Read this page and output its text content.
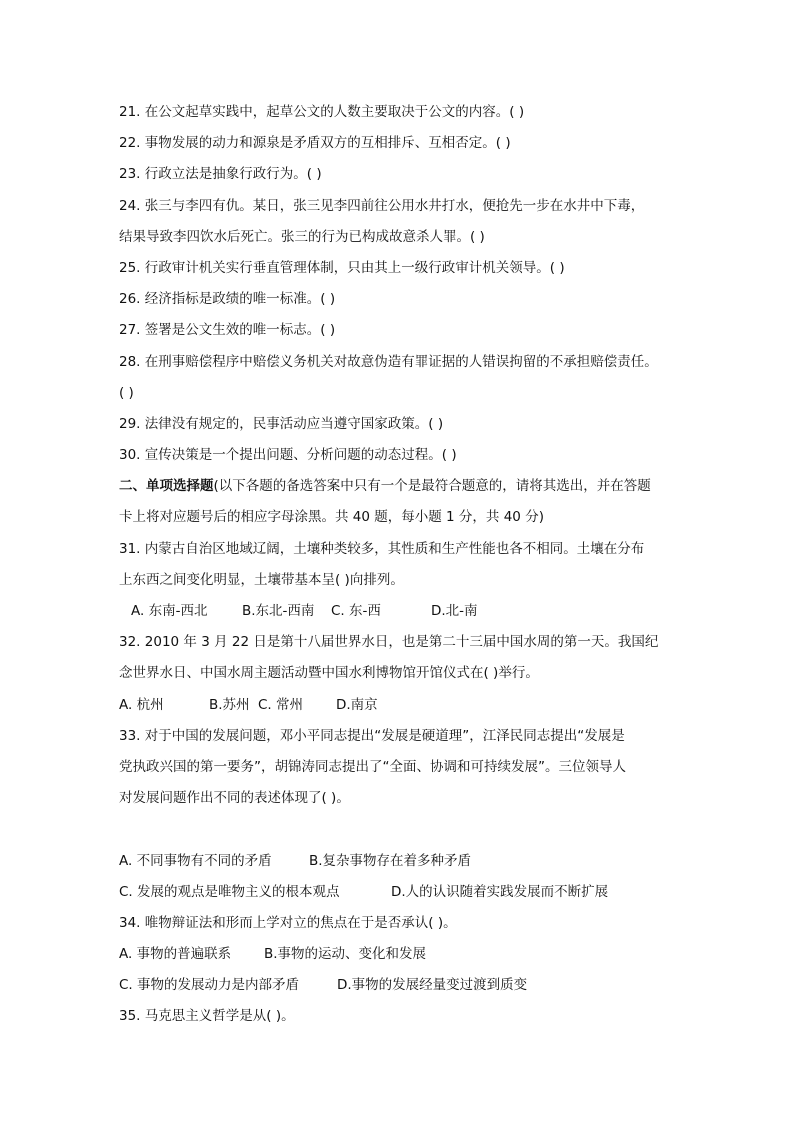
21. 在公文起草实践中，起草公文的人数主要取决于公文的内容。( )
22. 事物发展的动力和源泉是矛盾双方的互相排斥、互相否定。( )
23. 行政立法是抽象行政行为。( )
24. 张三与李四有仇。某日，张三见李四前往公用水井打水，便抢先一步在水井中下毒，
结果导致李四饮水后死亡。张三的行为已构成故意杀人罪。( )
25. 行政审计机关实行垂直管理体制，只由其上一级行政审计机关领导。( )
26. 经济指标是政绩的唯一标准。( )
27. 签署是公文生效的唯一标志。( )
28. 在刑事赔偿程序中赔偿义务机关对故意伪造有罪证据的人错误拘留的不承担赔偿责任。
( )
29. 法律没有规定的，民事活动应当遵守国家政策。( )
30. 宣传决策是一个提出问题、分析问题的动态过程。( )
二、单项选择题(以下各题的备选答案中只有一个是最符合题意的，请将其选出，并在答题
卡上将对应题号后的相应字母涂黑。共 40 题，每小题 1 分，共 40 分)
31. 内蒙古自治区地域辽阔，土壤种类较多，其性质和生产性能也各不相同。土壤在分布
上东西之间变化明显，土壤带基本呈( )向排列。
A. 东南-西北	B.东北-西南 C. 东-西	D.北-南
32. 2010 年 3 月 22 日是第十八届世界水日，也是第二十三届中国水周的第一天。我国纪
念世界水日、中国水周主题活动暨中国水利博物馆开馆仪式在( )举行。
A. 杭州	B.苏州 C. 常州 D.南京
33. 对于中国的发展问题，邓小平同志提出“发展是硬道理”，江泽民同志提出“发展是
党执政兴国的第一要务”，胡锦涛同志提出了“全面、协调和可持续发展”。三位领导人
对发展问题作出不同的表述体现了( )。
A. 不同事物有不同的矛盾	B.复杂事物存在着多种矛盾
C. 发展的观点是唯物主义的根本观点	D.人的认识随着实践发展而不断扩展
34. 唯物辩证法和形而上学对立的焦点在于是否承认( )。
A. 事物的普遍联系 B.事物的运动、变化和发展
C. 事物的发展动力是内部矛盾	D.事物的发展经量变过渡到质变
35. 马克思主义哲学是从( )。
